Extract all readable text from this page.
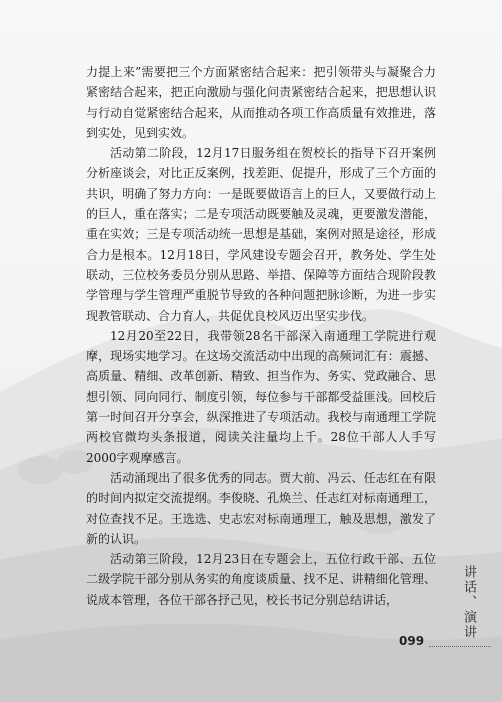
力提上来”需要把三个方面紧密结合起来：把引领带头与凝聚合力紧密结合起来，把正向激励与强化问责紧密结合起来，把思想认识与行动自觉紧密结合起来，从而推动各项工作高质量有效推进，落到实处，见到实效。

活动第二阶段，12月17日服务组在贺校长的指导下召开案例分析座谈会，对比正反案例，找差距、促提升，形成了三个方面的共识，明确了努力方向：一是既要做语言上的巨人，又要做行动上的巨人，重在落实；二是专项活动既要触及灵魂，更要激发潜能，重在实效；三是专项活动统一思想是基础，案例对照是途径，形成合力是根本。12月18日，学风建设专题会召开，教务处、学生处联动，三位校务委员分别从思路、举措、保障等方面结合现阶段教学管理与学生管理严重脱节导致的各种问题把脉诊断，为进一步实现教管联动、合力育人，共促优良校风迈出坚实步伐。

12月20至22日，我带领28名干部深入南通理工学院进行观摩，现场实地学习。在这场交流活动中出现的高频词汇有：震撼、高质量、精细、改革创新、精致、担当作为、务实、党政融合、思想引领、同向同行、制度引领，每位参与干部都受益匪浅。回校后第一时间召开分享会，纵深推进了专项活动。我校与南通理工学院两校官微均头条报道，阅读关注量均上千。28位干部人人手写2000字观摩感言。

活动涌现出了很多优秀的同志。贾大前、冯云、任志红在有限的时间内拟定交流提纲。李俊晓、孔焕兰、任志红对标南通理工，对位查找不足。王选选、史志宏对标南通理工，触及思想，激发了新的认识。

活动第三阶段，12月23日在专题会上，五位行政干部、五位二级学院干部分别从务实的角度谈质量、找不足、讲精细化管理、说成本管理，各位干部各抒己见，校长书记分别总结讲话，	讲话、演讲
099
